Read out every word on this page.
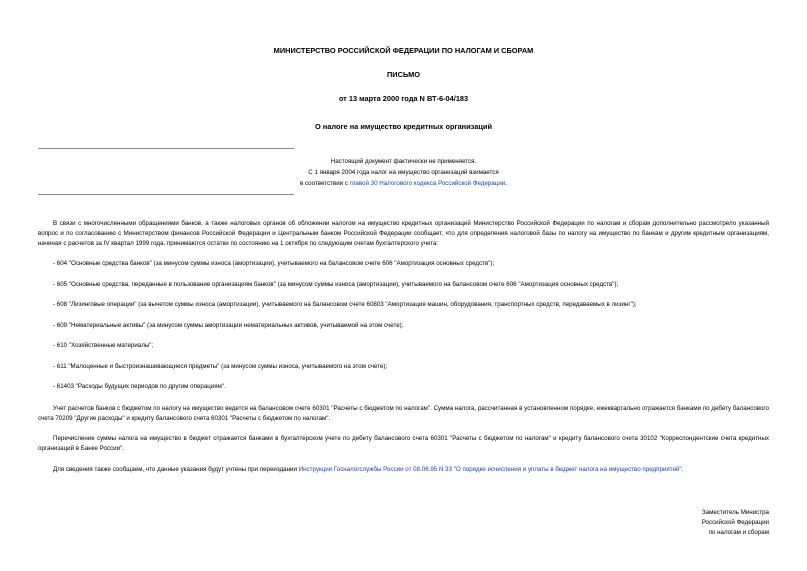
МИНИСТЕРСТВО РОССИЙСКОЙ ФЕДЕРАЦИИ ПО НАЛОГАМ И СБОРАМ
ПИСЬМО
от 13 марта 2000 года N ВТ-6-04/183
О налоге на имущество кредитных организаций
Настоящий документ фактически не применяется.
С 1 января 2004 года налог на имущество организаций взимается
в соответствии с главой 30 Налогового кодекса Российской Федерации.
В связи с многочисленными обращениями банков, а также налоговых органов об обложении налогом на имущество кредитных организаций Министерство Российской Федерации по налогам и сборам дополнительно рассмотрело указанный вопрос и по согласованию с Министерством финансов Российской Федерации и Центральным банком Российской Федерации сообщает, что для определения налоговой базы по налогу на имущество по банкам и другим кредитным организациям, начиная с расчетов за IV квартал 1999 года, принимаются остатки по состоянию на 1 октября по следующим счетам бухгалтерского учета:
- 604 "Основные средства банков" (за минусом суммы износа (амортизации), учитываемого на балансовом счете 606 "Амортизация основных средств");
- 605 "Основные средства, переданные в пользование организациям банков" (за минусом суммы износа (амортизации), учитываемого на балансовом счете 606 "Амортизация основных средств");
- 608 "Лизинговые операции" (за вычетом суммы износа (амортизации), учитываемого на балансовом счете 60803 "Амортизация машин, оборудования, транспортных средств, передаваемых в лизинг");
- 609 "Нематериальные активы" (за минусом суммы амортизации нематериальных активов, учитываемой на этом счете);
- 610 "Хозяйственные материалы";
- 611 "Малоценные и быстроизнашивающиеся предметы" (за минусом суммы износа, учитываемого на этом счете);
- 61403 "Расходы будущих периодов по другим операциям".
Учет расчетов банков с бюджетом по налогу на имущество ведется на балансовом счете 60301 "Расчеты с бюджетом по налогам". Сумма налога, рассчитанная в установленном порядке, ежеквартально отражается банками по дебету балансового счета 70209 "Другие расходы" и кредиту балансового счета 60301 "Расчеты с бюджетом по налогам".
Перечисление суммы налога на имущество в бюджет отражается банками в бухгалтерском учете по дебету балансового счета 60301 "Расчеты с бюджетом по налогам" и кредиту балансового счета 30102 "Корреспондентские счета кредитных организаций в Банке России".
Для сведения также сообщаем, что данные указания будут учтены при переиздании Инструкции Госналогслужбы России от 08.06.95 N 33 "О порядке исчисления и уплаты в бюджет налога на имущество предприятий".
Заместитель Министра
Российской Федерации
по налогам и сборам
